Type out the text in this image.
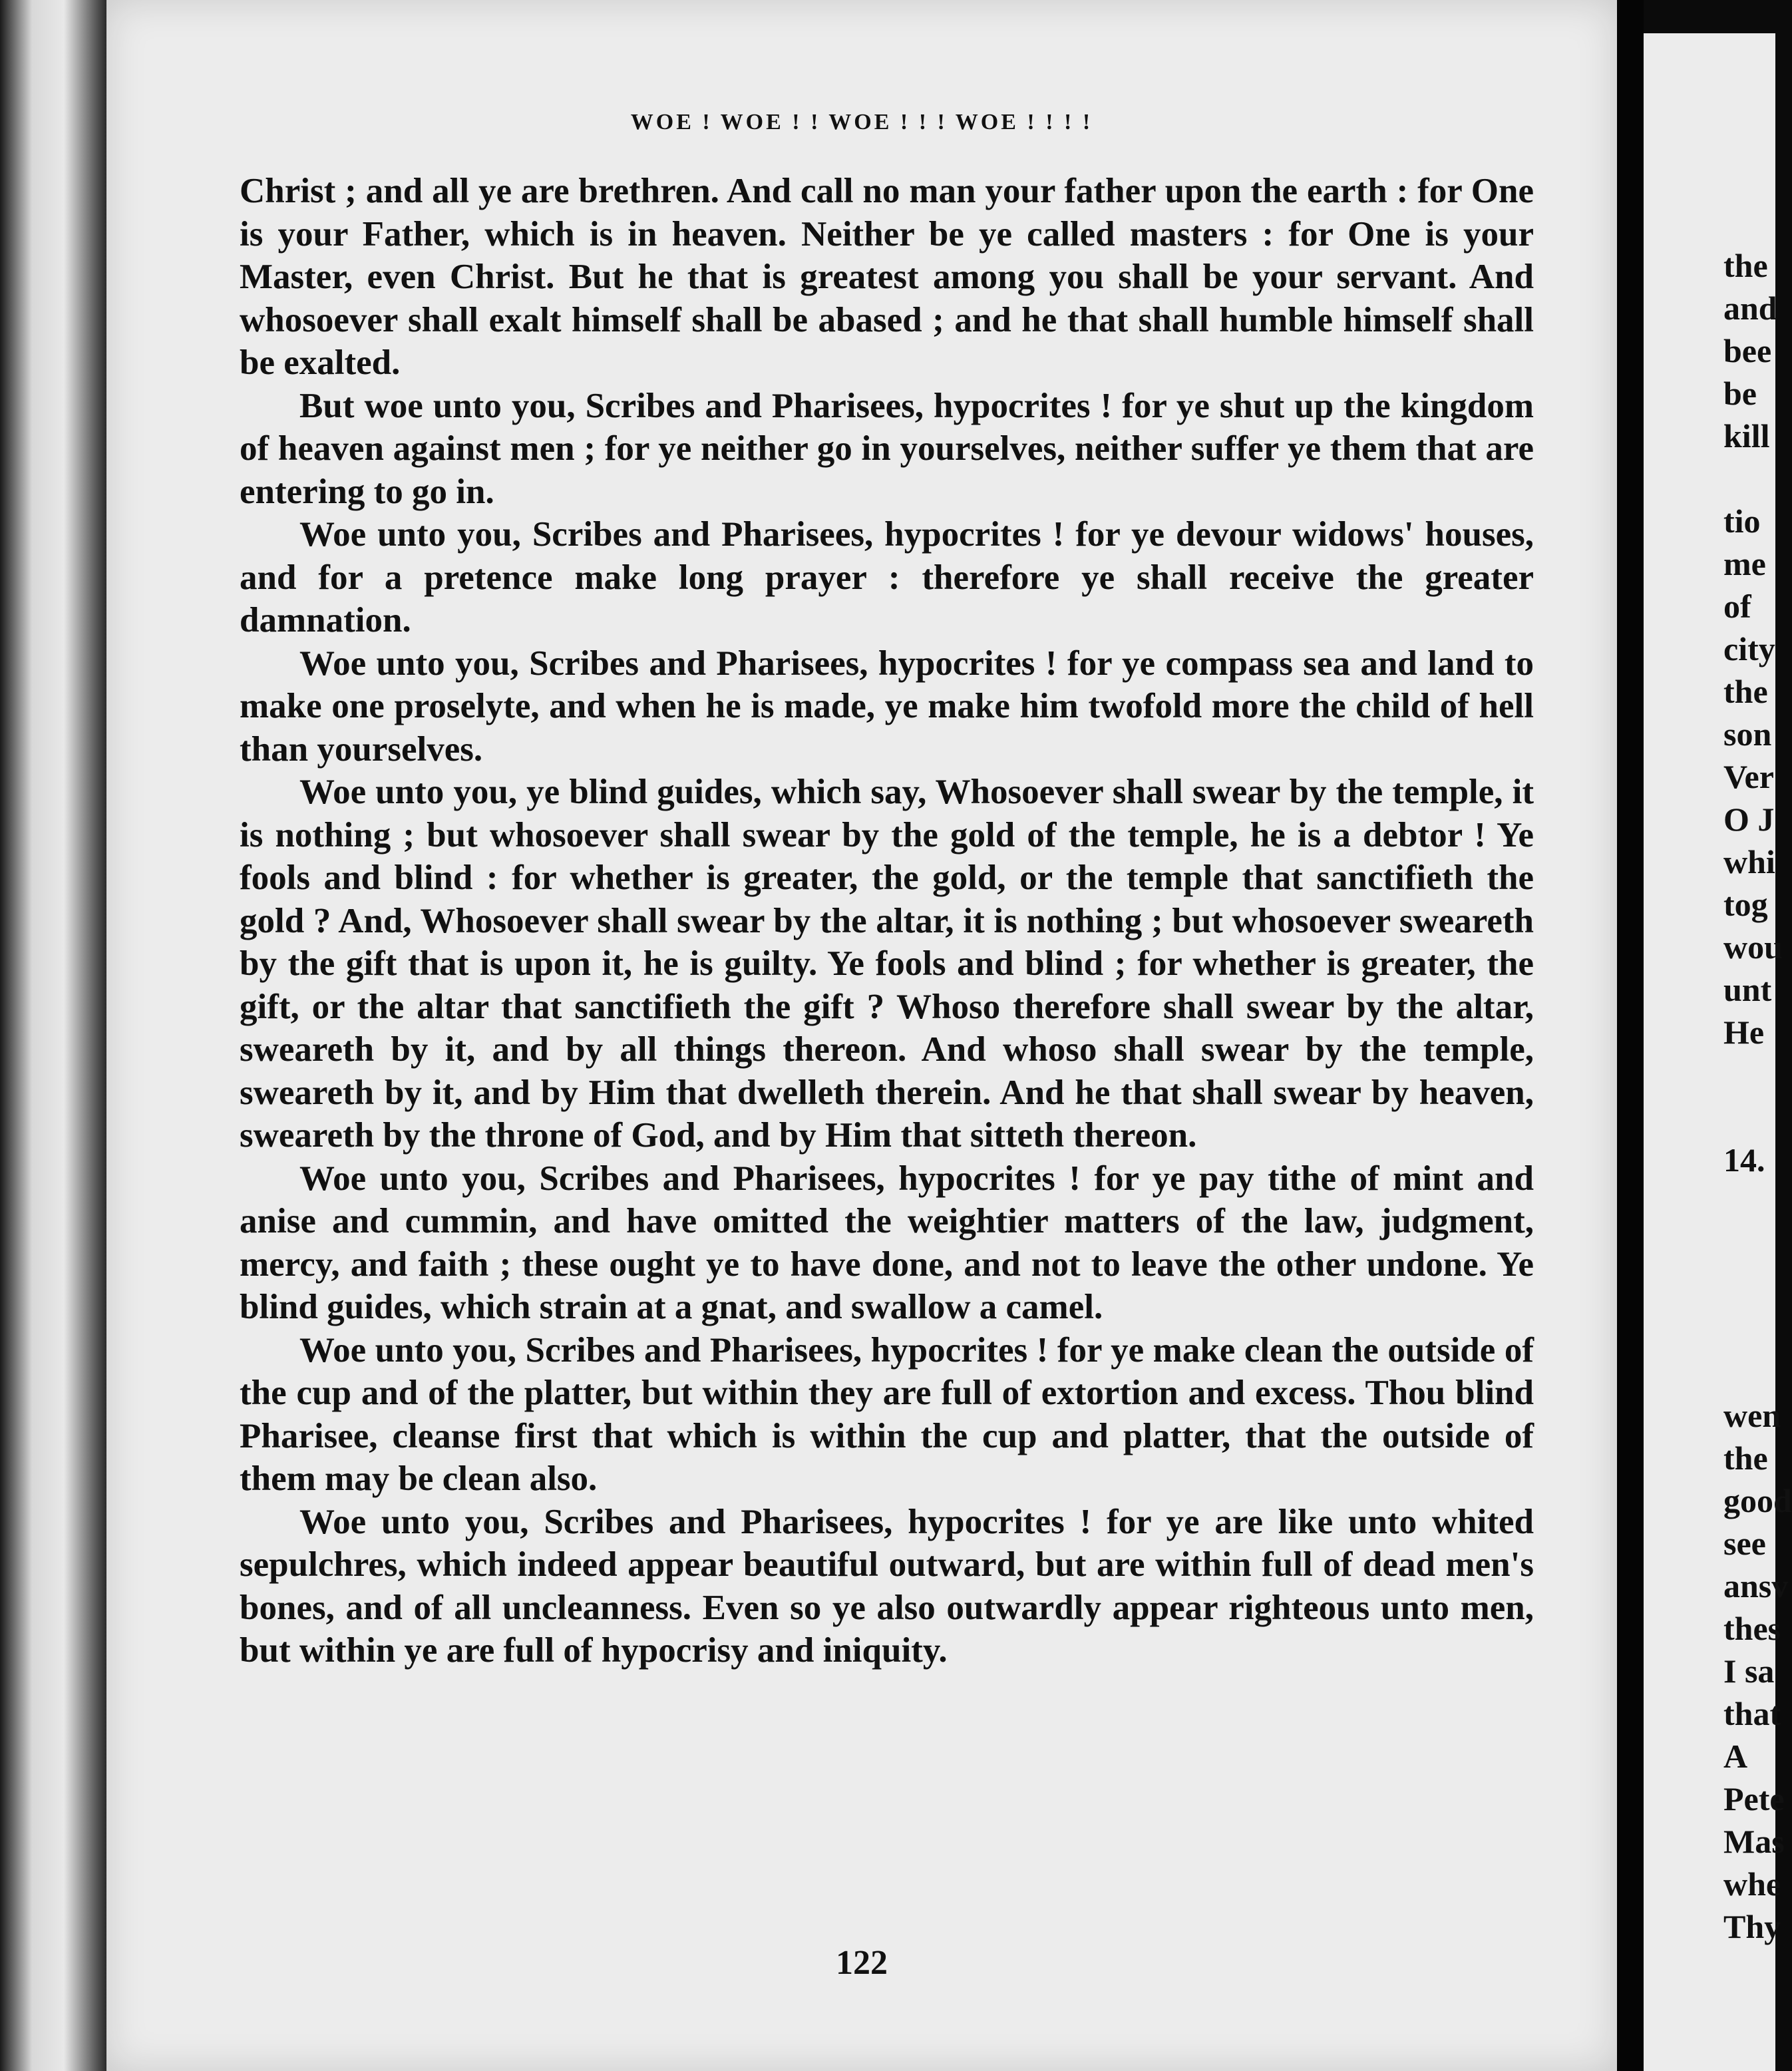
WOE ! WOE ! ! WOE ! ! ! WOE ! ! ! !

Christ ; and all ye are brethren. And call no man your father upon the earth : for One is your Father, which is in heaven. Neither be ye called masters : for One is your Master, even Christ. But he that is greatest among you shall be your servant. And whosoever shall exalt himself shall be abased ; and he that shall humble himself shall be exalted.

But woe unto you, Scribes and Pharisees, hypocrites ! for ye shut up the kingdom of heaven against men ; for ye neither go in yourselves, neither suffer ye them that are entering to go in.

Woe unto you, Scribes and Pharisees, hypocrites ! for ye devour widows' houses, and for a pretence make long prayer : therefore ye shall receive the greater damnation.

Woe unto you, Scribes and Pharisees, hypocrites ! for ye compass sea and land to make one proselyte, and when he is made, ye make him twofold more the child of hell than yourselves.

Woe unto you, ye blind guides, which say, Whosoever shall swear by the temple, it is nothing ; but whosoever shall swear by the gold of the temple, he is a debtor ! Ye fools and blind : for whether is greater, the gold, or the temple that sanctifieth the gold ? And, Whosoever shall swear by the altar, it is nothing ; but whosoever sweareth by the gift that is upon it, he is guilty. Ye fools and blind ; for whether is greater, the gift, or the altar that sanctifieth the gift ? Whoso therefore shall swear by the altar, sweareth by it, and by all things thereon. And whoso shall swear by the temple, sweareth by it, and by Him that dwelleth therein. And he that shall swear by heaven, sweareth by the throne of God, and by Him that sitteth thereon.

Woe unto you, Scribes and Pharisees, hypocrites ! for ye pay tithe of mint and anise and cummin, and have omitted the weightier matters of the law, judgment, mercy, and faith ; these ought ye to have done, and not to leave the other undone. Ye blind guides, which strain at a gnat, and swallow a camel.

Woe unto you, Scribes and Pharisees, hypocrites ! for ye make clean the outside of the cup and of the platter, but within they are full of extortion and excess. Thou blind Pharisee, cleanse first that which is within the cup and platter, that the outside of them may be clean also.

Woe unto you, Scribes and Pharisees, hypocrites ! for ye are like unto whited sepulchres, which indeed appear beautiful outward, but are within full of dead men's bones, and of all uncleanness. Even so ye also outwardly appear righteous unto men, but within ye are full of hypocrisy and iniquity.

122
the
and
bee
be
kill
tio
me
of
city
the
son
Ver
O J
whi
tog
wou
unt
He
14.
wen
the
good
see
ansv
thes
I sa
that
A
Pete
Mas
whe
Thy
